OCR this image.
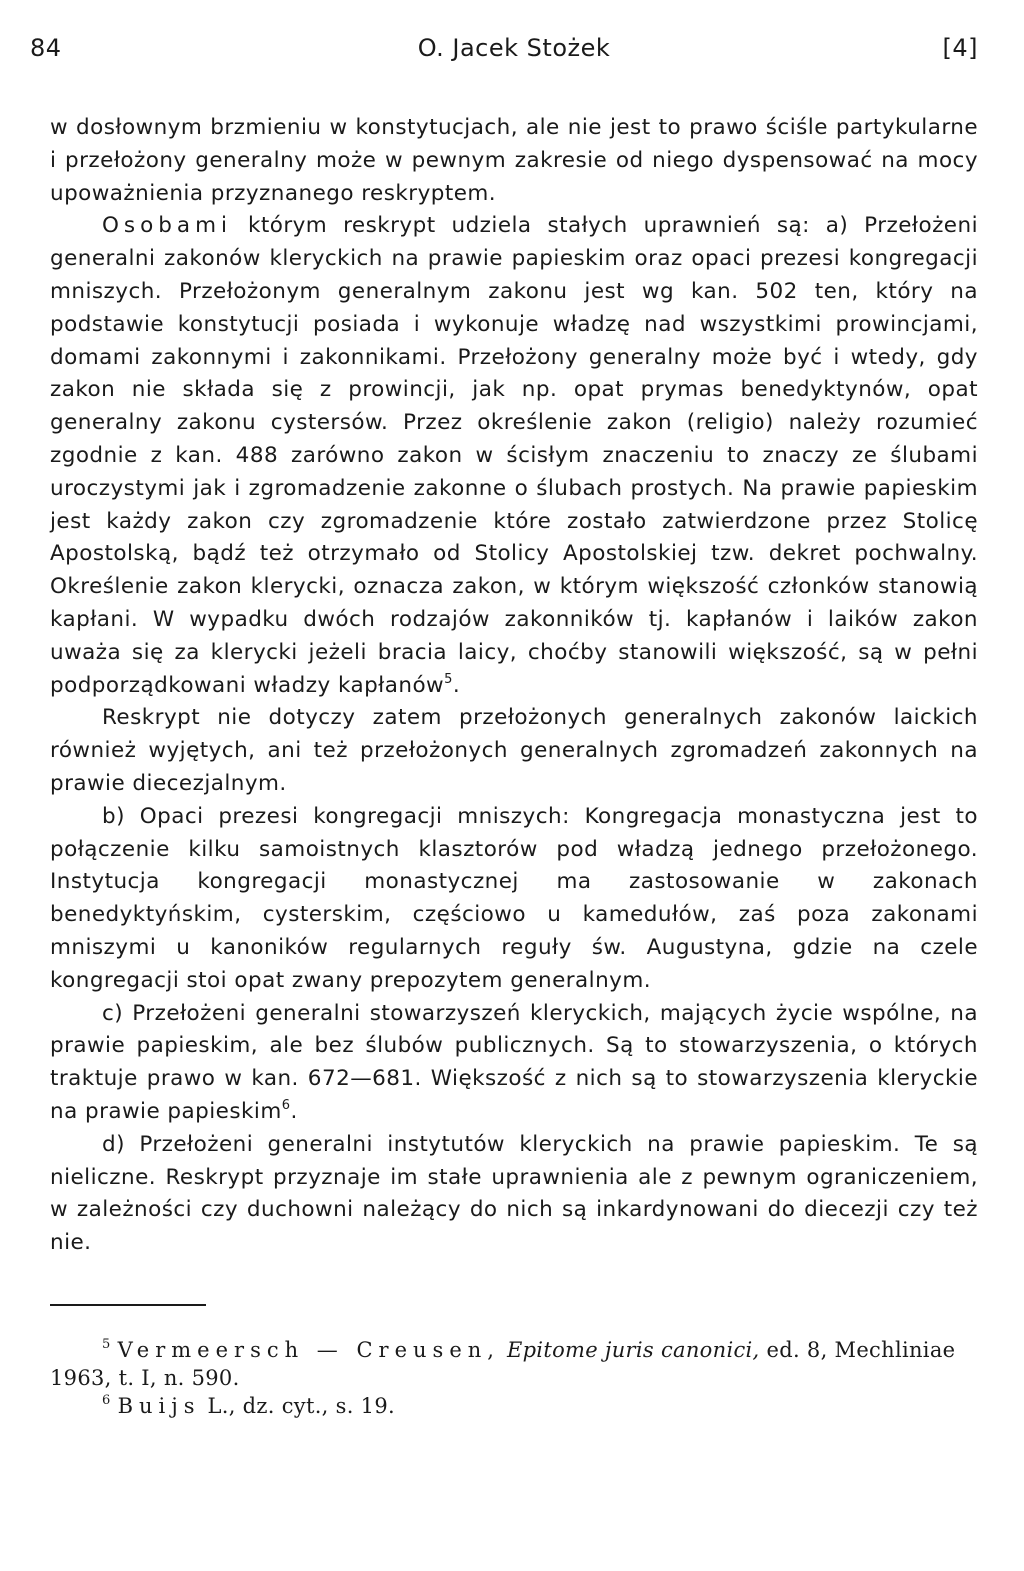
84	O. Jacek Stożek	[4]

w dosłownym brzmieniu w konstytucjach, ale nie jest to prawo ściśle partykularne i przełożony generalny może w pewnym zakresie od niego dyspensować na mocy upoważnienia przyznanego reskryptem.

Osobami którym reskrypt udziela stałych uprawnień są: a) Przełożeni generalni zakonów kleryckich na prawie papieskim oraz opaci prezesi kongregacji mniszych. Przełożonym generalnym zakonu jest wg kan. 502 ten, który na podstawie konstytucji posiada i wykonuje władzę nad wszystkimi prowincjami, domami zakonnymi i zakonnikami. Przełożony generalny może być i wtedy, gdy zakon nie składa się z prowincji, jak np. opat prymas benedyktynów, opat generalny zakonu cystersów. Przez określenie zakon (religio) należy rozumieć zgodnie z kan. 488 zarówno zakon w ścisłym znaczeniu to znaczy ze ślubami uroczystymi jak i zgromadzenie zakonne o ślubach prostych. Na prawie papieskim jest każdy zakon czy zgromadzenie które zostało zatwierdzone przez Stolicę Apostolską, bądź też otrzymało od Stolicy Apostolskiej tzw. dekret pochwalny. Określenie zakon klerycki, oznacza zakon, w którym większość członków stanowią kapłani. W wypadku dwóch rodzajów zakonników tj. kapłanów i laików zakon uważa się za klerycki jeżeli bracia laicy, choćby stanowili większość, są w pełni podporządkowani władzy kapłanów$^5$.

Reskrypt nie dotyczy zatem przełożonych generalnych zakonów laickich również wyjętych, ani też przełożonych generalnych zgromadzeń zakonnych na prawie diecezjalnym.

b) Opaci prezesi kongregacji mniszych: Kongregacja monastyczna jest to połączenie kilku samoistnych klasztorów pod władzą jednego przełożonego. Instytucja kongregacji monastycznej ma zastosowanie w zakonach benedyktyńskim, cysterskim, częściowo u kamedułów, zaś poza zakonami mniszymi u kanoników regularnych reguły św. Augustyna, gdzie na czele kongregacji stoi opat zwany prepozytem generalnym.

c) Przełożeni generalni stowarzyszeń kleryckich, mających życie wspólne, na prawie papieskim, ale bez ślubów publicznych. Są to stowarzyszenia, o których traktuje prawo w kan. 672—681. Większość z nich są to stowarzyszenia kleryckie na prawie papieskim$^6$.

d) Przełożeni generalni instytutów kleryckich na prawie papieskim. Te są nieliczne. Reskrypt przyznaje im stałe uprawnienia ale z pewnym ograniczeniem, w zależności czy duchowni należący do nich są inkardynowani do diecezji czy też nie.

$^5$ Vermeersch — Creusen, Epitome juris canonici, ed. 8, Mechliniae 1963, t. I, n. 590.

$^6$ Buijs L., dz. cyt., s. 19.
